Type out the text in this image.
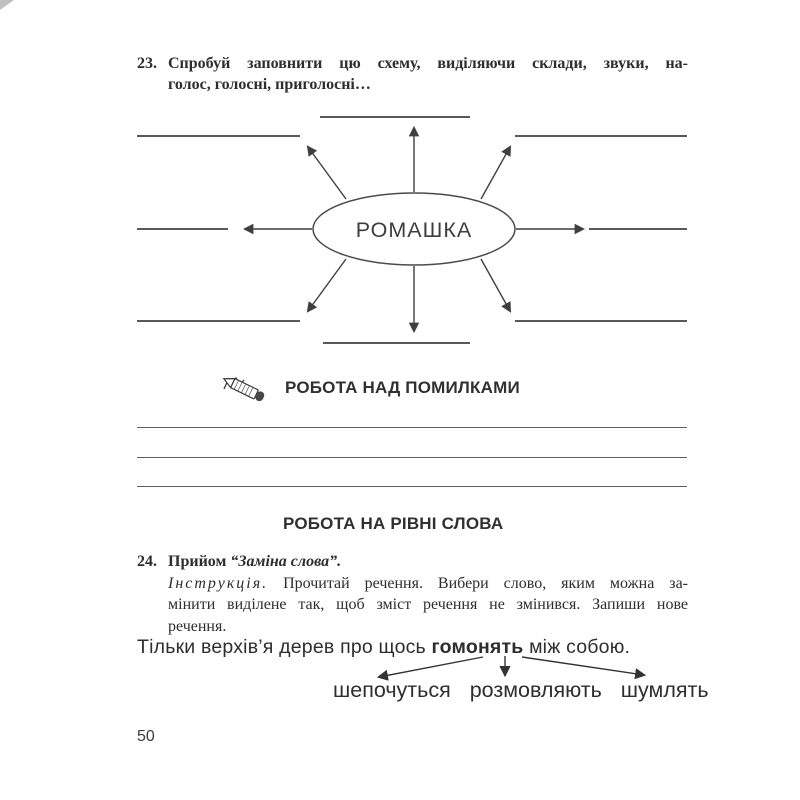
23. Спробуй заповнити цю схему, виділяючи склади, звуки, на-
голос, голосні, приголосні…
РОМАШКА
РОБОТА НАД ПОМИЛКАМИ
РОБОТА НА РІВНІ СЛОВА
24. Прийом “Заміна слова”.
Інструкція. Прочитай речення. Вибери слово, яким можна за-
мінити виділене так, щоб зміст речення не змінився. Запиши нове
речення.
Тільки верхів’я дерев про щось гомонять між собою.
шепочуться розмовляють шумлять
50
